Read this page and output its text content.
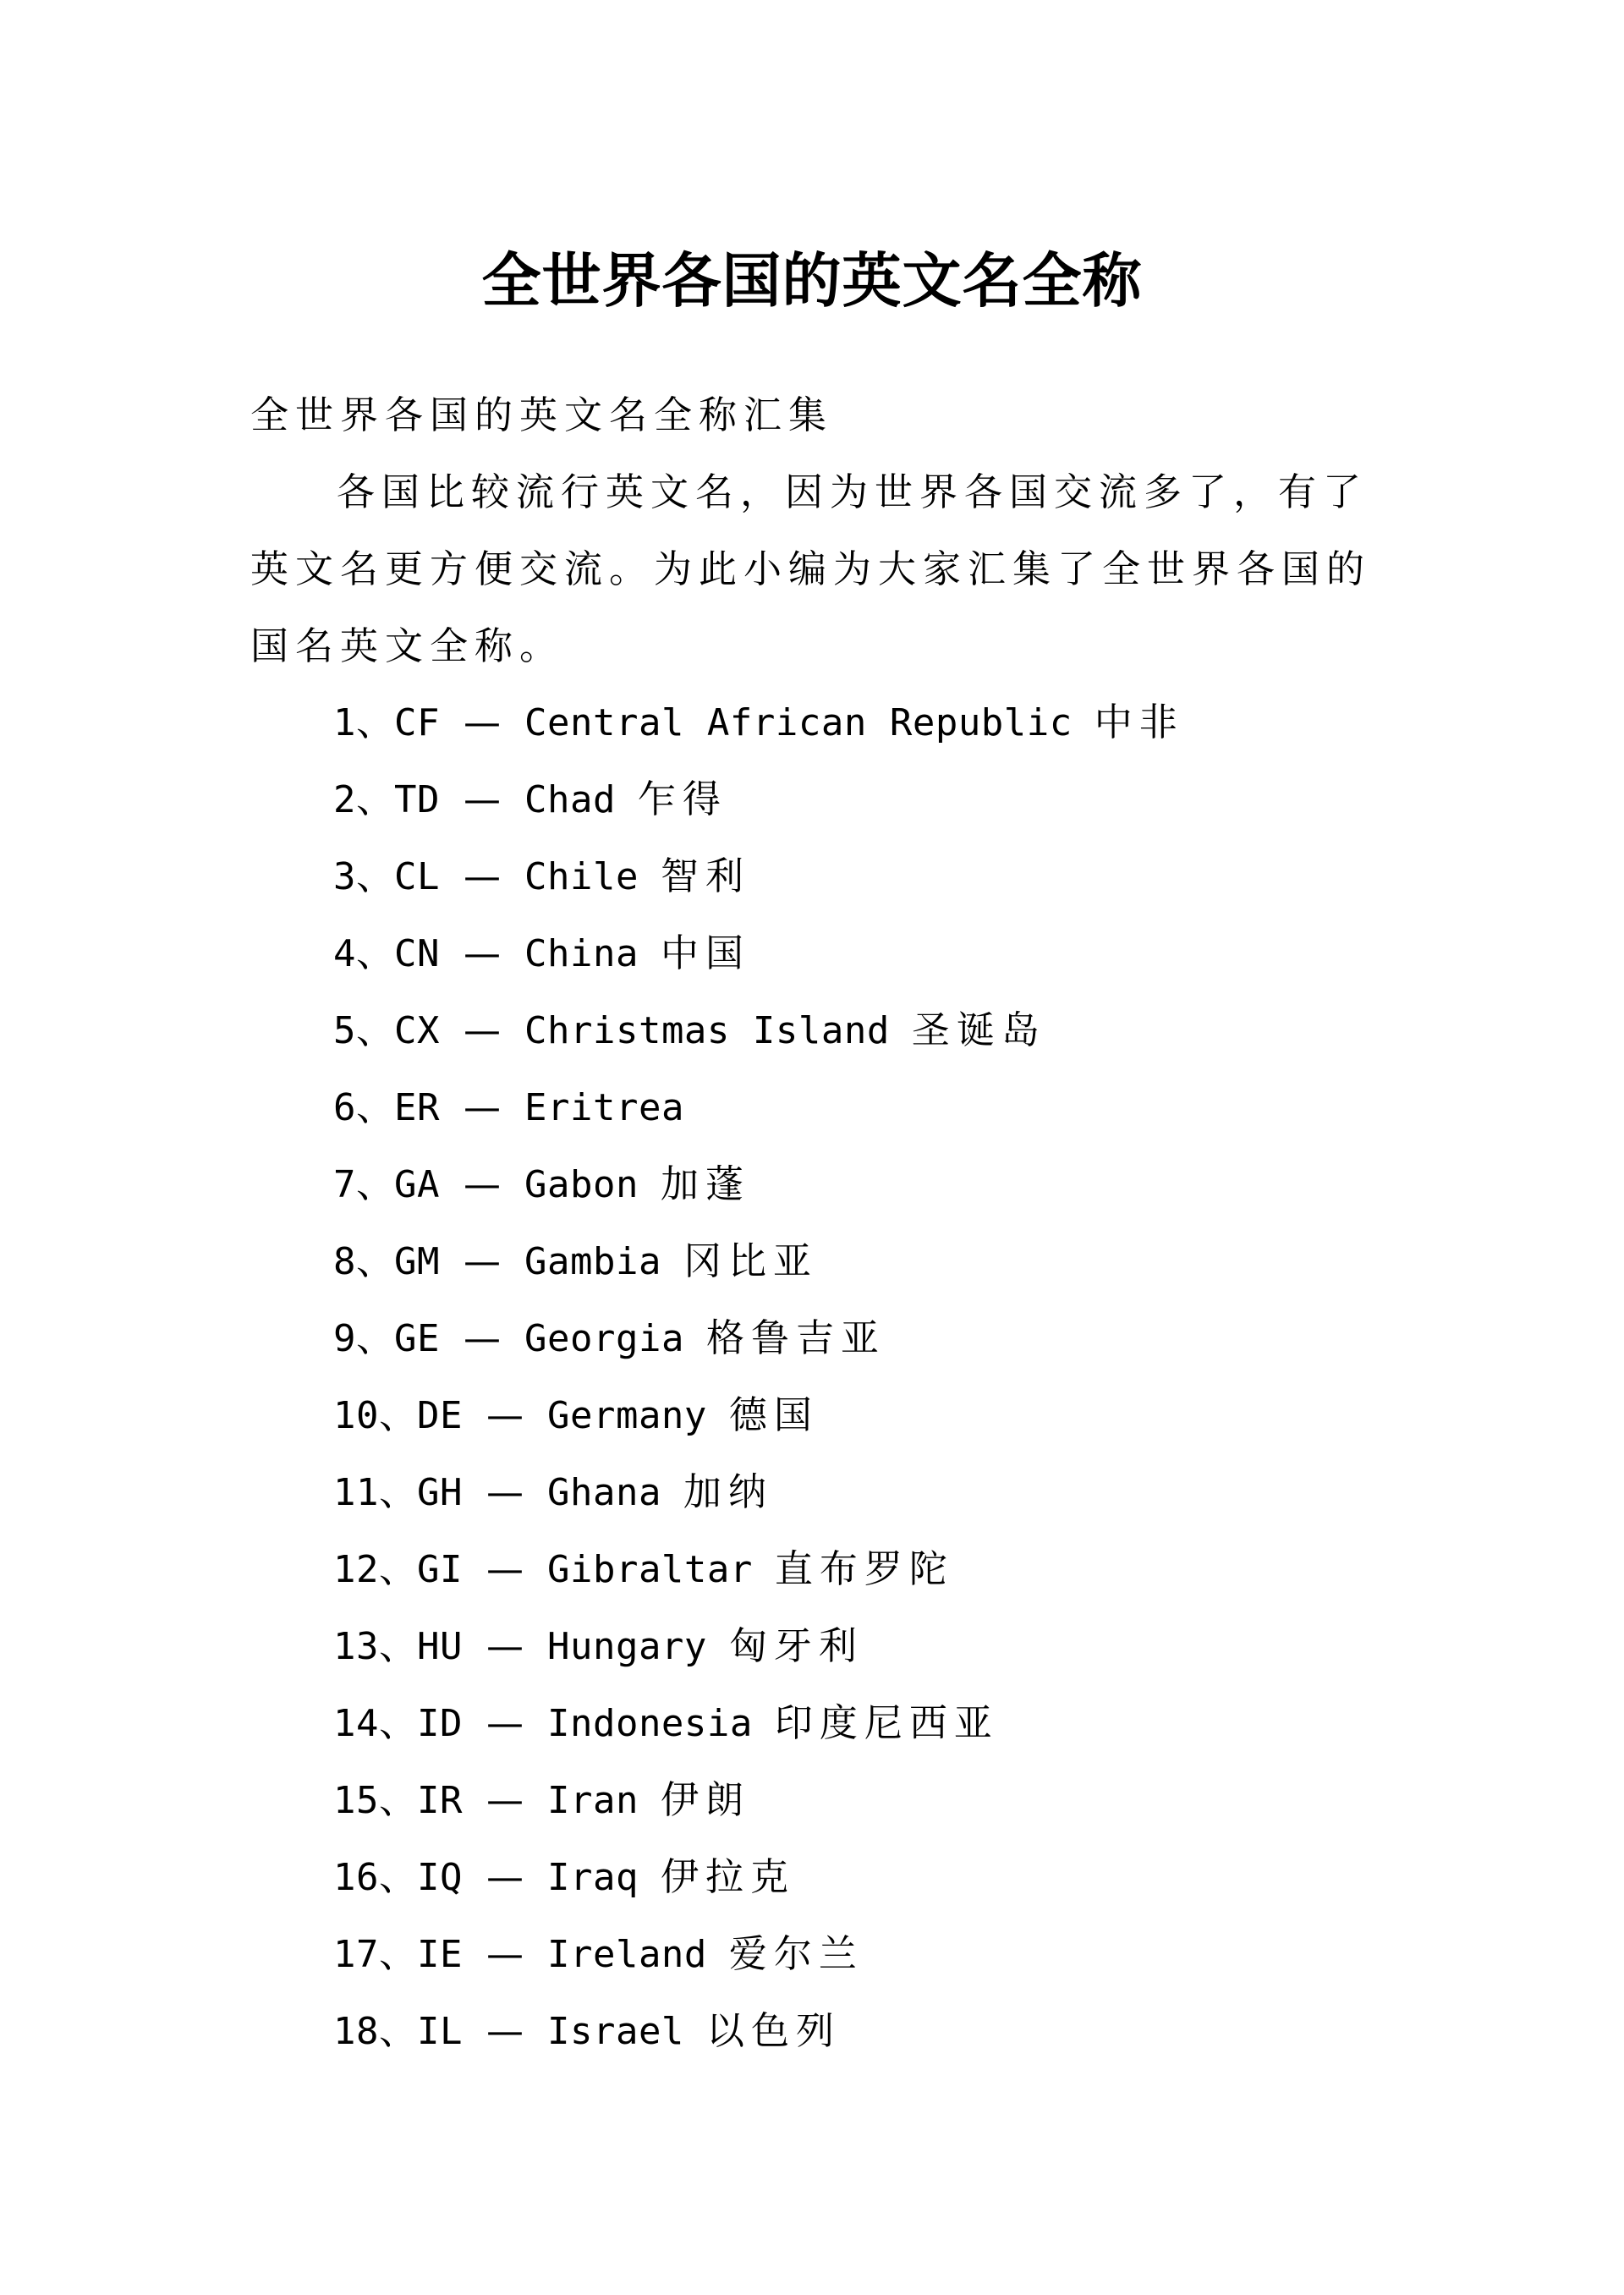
全世界各国的英文名全称
全世界各国的英文名全称汇集

各国比较流行英文名，因为世界各国交流多了，有了英文名更方便交流。为此小编为大家汇集了全世界各国的国名英文全称。

1、CF — Central African Republic 中非
2、TD — Chad 乍得
3、CL — Chile 智利
4、CN — China 中国
5、CX — Christmas Island 圣诞岛
6、ER — Eritrea
7、GA — Gabon 加蓬
8、GM — Gambia 冈比亚
9、GE — Georgia 格鲁吉亚
10、DE — Germany 德国
11、GH — Ghana 加纳
12、GI — Gibraltar 直布罗陀
13、HU — Hungary 匈牙利
14、ID — Indonesia 印度尼西亚
15、IR — Iran 伊朗
16、IQ — Iraq 伊拉克
17、IE — Ireland 爱尔兰
18、IL — Israel 以色列
